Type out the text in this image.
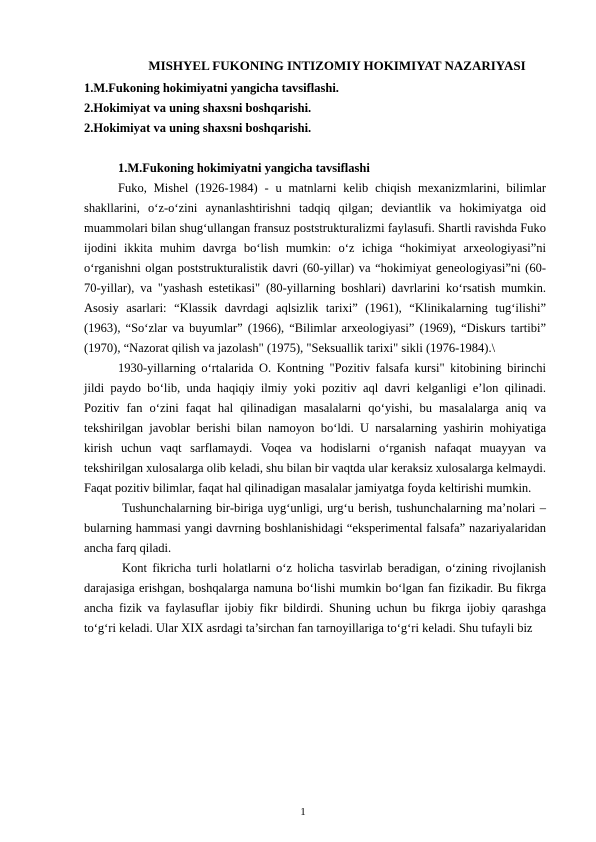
MISHYEL FUKONING INTIZOMIY HOKIMIYAT NAZARIYASI

1.M.Fukoning hokimiyatni yangicha tavsiflashi.

2.Hokimiyat va uning shaxsni boshqarishi.

2.Hokimiyat va uning shaxsni boshqarishi.

1.M.Fukoning hokimiyatni yangicha tavsiflashi

Fuko, Mishel (1926-1984) - u matnlarni kelib chiqish mexanizmlarini, bilimlar shakllarini, o‘z-o‘zini aynanlashtirishni tadqiq qilgan; deviantlik va hokimiyatga oid muammolari bilan shug‘ullangan fransuz poststrukturalizmi faylasufi. Shartli ravishda Fuko ijodini ikkita muhim davrga bo‘lish mumkin: o‘z ichiga “hokimiyat arxeologiyasi”ni o‘rganishni olgan poststrukturalistik davri (60-yillar) va “hokimiyat geneologiyasi”ni (60-70-yillar), va "yashash estetikasi" (80-yillarning boshlari) davrlarini ko‘rsatish mumkin. Asosiy asarlari: “Klassik davrdagi aqlsizlik tarixi” (1961), “Klinikalarning tug‘ilishi” (1963), “So‘zlar va buyumlar” (1966), “Bilimlar arxeologiyasi” (1969), “Diskurs tartibi” (1970), “Nazorat qilish va jazolash" (1975), "Seksuallik tarixi" sikli (1976-1984).\

1930-yillarning o‘rtalarida O. Kontning "Pozitiv falsafa kursi" kitobining birinchi jildi paydo bo‘lib, unda haqiqiy ilmiy yoki pozitiv aql davri kelganligi e’lon qilinadi. Pozitiv fan o‘zini faqat hal qilinadigan masalalarni qo‘yishi, bu masalalarga aniq va tekshirilgan javoblar berishi bilan namoyon bo‘ldi. U narsalarning yashirin mohiyatiga kirish uchun vaqt sarflamaydi. Voqea va hodislarni o‘rganish nafaqat muayyan va tekshirilgan xulosalarga olib keladi, shu bilan bir vaqtda ular keraksiz xulosalarga kelmaydi. Faqat pozitiv bilimlar, faqat hal qilinadigan masalalar jamiyatga foyda keltirishi mumkin.

Tushunchalarning bir-biriga uyg‘unligi, urg‘u berish, tushunchalarning ma’nolari – bularning hammasi yangi davrning boshlanishidagi “eksperimental falsafa” nazariyalaridan ancha farq qiladi.

Kont fikricha turli holatlarni o‘z holicha tasvirlab beradigan, o‘zining rivojlanish darajasiga erishgan, boshqalarga namuna bo‘lishi mumkin bo‘lgan fan fizikadir. Bu fikrga ancha fizik va faylasuflar ijobiy fikr bildirdi. Shuning uchun bu fikrga ijobiy qarashga to‘g‘ri keladi. Ular XIX asrdagi ta’sirchan fan tarnoyillariga to‘g‘ri keladi. Shu tufayli biz

1
